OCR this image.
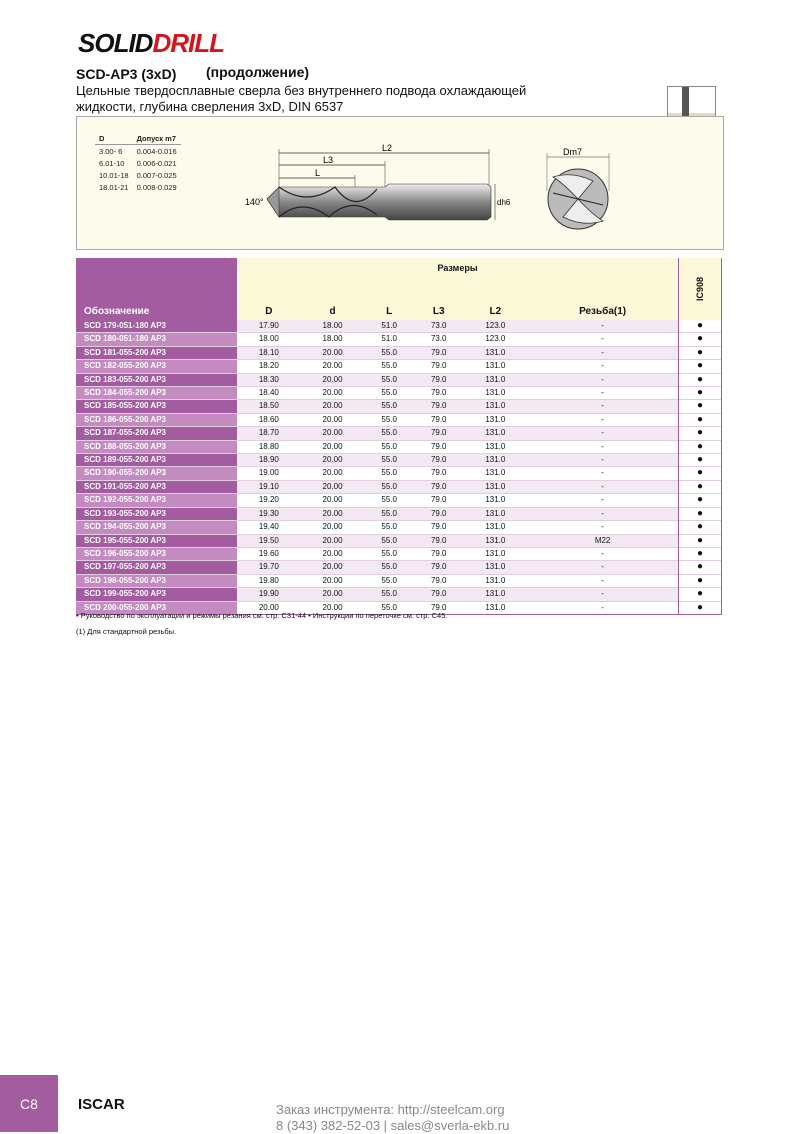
SOLIDDRILL
SCD-AP3 (3xD) (продолжение)
Цельные твердосплавные сверла без внутреннего подвода охлаждающей жидкости, глубина сверления 3xD, DIN 6537
D	Допуск m7
3.00- 6	0.004-0.016
6.01-10	0.006-0.021
10.01-18	0.007-0.025
18.01-21	0.008-0.029
L2
L3
L
dh6
140°
Dm7
Обозначение	Размеры						IC908

	D	d	L	L3	L2	Резьба(1)	
SCD 179-051-180 AP3	17.90	18.00	51.0	73.0	123.0	-	●
SCD 180-051-180 AP3	18.00	18.00	51.0	73.0	123.0	-	●
SCD 181-055-200 AP3	18.10	20.00	55.0	79.0	131.0	-	●
SCD 182-055-200 AP3	18.20	20.00	55.0	79.0	131.0	-	●
SCD 183-055-200 AP3	18.30	20.00	55.0	79.0	131.0	-	●
SCD 184-055-200 AP3	18.40	20.00	55.0	79.0	131.0	-	●
SCD 185-055-200 AP3	18.50	20.00	55.0	79.0	131.0	-	●
SCD 186-055-200 AP3	18.60	20.00	55.0	79.0	131.0	-	●
SCD 187-055-200 AP3	18.70	20.00	55.0	79.0	131.0	-	●
SCD 188-055-200 AP3	18.80	20.00	55.0	79.0	131.0	-	●
SCD 189-055-200 AP3	18.90	20.00	55.0	79.0	131.0	-	●
SCD 190-055-200 AP3	19.00	20.00	55.0	79.0	131.0	-	●
SCD 191-055-200 AP3	19.10	20.00	55.0	79.0	131.0	-	●
SCD 192-055-200 AP3	19.20	20.00	55.0	79.0	131.0	-	●
SCD 193-055-200 AP3	19.30	20.00	55.0	79.0	131.0	-	●
SCD 194-055-200 AP3	19.40	20.00	55.0	79.0	131.0	-	●
SCD 195-055-200 AP3	19.50	20.00	55.0	79.0	131.0	M22	●
SCD 196-055-200 AP3	19.60	20.00	55.0	79.0	131.0	-	●
SCD 197-055-200 AP3	19.70	20.00	55.0	79.0	131.0	-	●
SCD 198-055-200 AP3	19.80	20.00	55.0	79.0	131.0	-	●
SCD 199-055-200 AP3	19.90	20.00	55.0	79.0	131.0	-	●
SCD 200-055-200 AP3	20.00	20.00	55.0	79.0	131.0	-	●
• Руководство по эксплуатации и режимы резания см. стр. C31-44 • Инструкции по переточке см. стр. C45.
(1) Для стандартной резьбы.
C8	ISCAR	Заказ инструмента: http://steelcam.org
8 (343) 382-52-03 | sales@sverla-ekb.ru
